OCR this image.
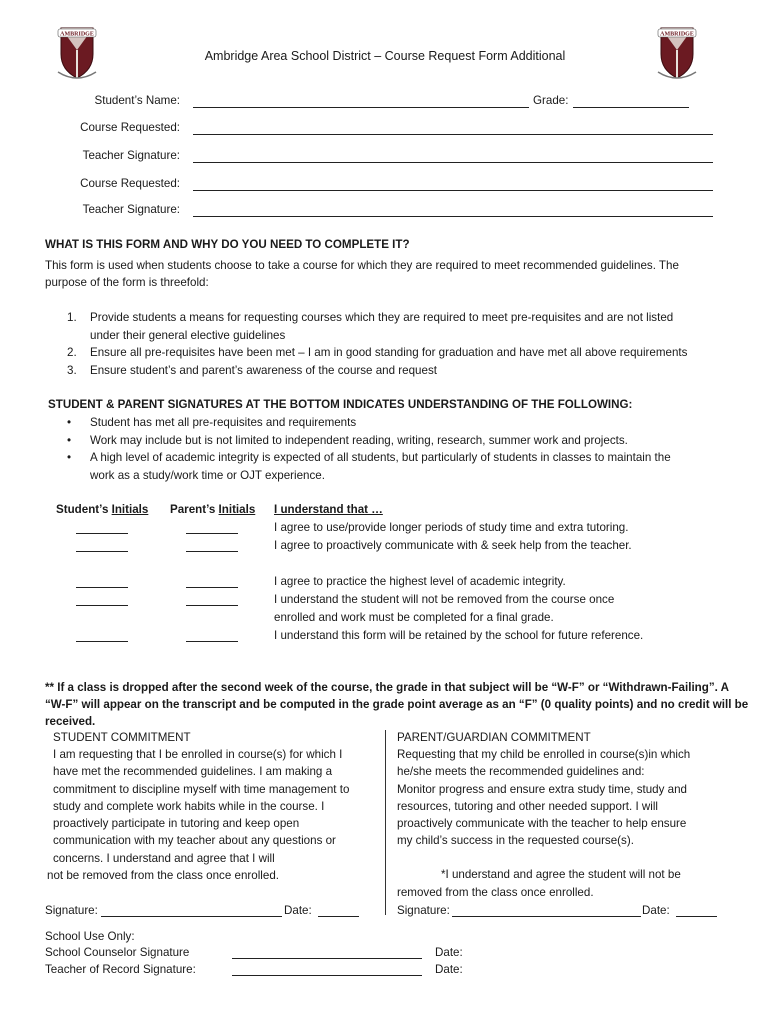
AMBRIDGE	AMBRIDGE
Ambridge Area School District – Course Request Form Additional
Student’s Name:	Grade:
Course Requested:
Teacher Signature:
Course Requested:
Teacher Signature:
WHAT IS THIS FORM AND WHY DO YOU NEED TO COMPLETE IT?
This form is used when students choose to take a course for which they are required to meet recommended guidelines. The
purpose of the form is threefold:
1. Provide students a means for requesting courses which they are required to meet pre-requisites and are not listed
under their general elective guidelines
2. Ensure all pre-requisites have been met – I am in good standing for graduation and have met all above requirements
3. Ensure student’s and parent’s awareness of the course and request
STUDENT & PARENT SIGNATURES AT THE BOTTOM INDICATES UNDERSTANDING OF THE FOLLOWING:
• Student has met all pre-requisites and requirements
• Work may include but is not limited to independent reading, writing, research, summer work and projects.
• A high level of academic integrity is expected of all students, but particularly of students in classes to maintain the
work as a study/work time or OJT experience.
Student’s Initials Parent’s Initials I understand that …
I agree to use/provide longer periods of study time and extra tutoring.
I agree to proactively communicate with & seek help from the teacher.
I agree to practice the highest level of academic integrity.
I understand the student will not be removed from the course once
enrolled and work must be completed for a final grade.
I understand this form will be retained by the school for future reference.
** If a class is dropped after the second week of the course, the grade in that subject will be “W-F” or “Withdrawn-Failing”. A
“W-F” will appear on the transcript and be computed in the grade point average as an “F” (0 quality points) and no credit will be
received.
STUDENT COMMITMENT
I am requesting that I be enrolled in course(s) for which I
have met the recommended guidelines. I am making a
commitment to discipline myself with time management to
study and complete work habits while in the course. I
proactively participate in tutoring and keep open
communication with my teacher about any questions or
concerns. I understand and agree that I will
not be removed from the class once enrolled.
Signature:	Date:
PARENT/GUARDIAN COMMITMENT
Requesting that my child be enrolled in course(s)in which
he/she meets the recommended guidelines and:
Monitor progress and ensure extra study time, study and
resources, tutoring and other needed support. I will
proactively communicate with the teacher to help ensure
my child’s success in the requested course(s).
*I understand and agree the student will not be
removed from the class once enrolled.
Signature:	Date:
School Use Only:
School Counselor Signature	Date:
Teacher of Record Signature:	Date:
